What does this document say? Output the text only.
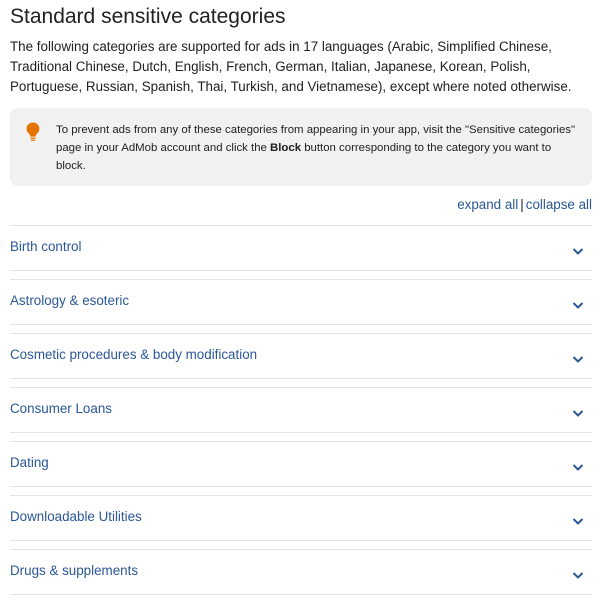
Standard sensitive categories

The following categories are supported for ads in 17 languages (Arabic, Simplified Chinese, Traditional Chinese, Dutch, English, French, German, Italian, Japanese, Korean, Polish, Portuguese, Russian, Spanish, Thai, Turkish, and Vietnamese), except where noted otherwise.

To prevent ads from any of these categories from appearing in your app, visit the "Sensitive categories" page in your AdMob account and click the Block button corresponding to the category you want to block.
expand all | collapse all
Birth control
Astrology & esoteric
Cosmetic procedures & body modification
Consumer Loans
Dating
Downloadable Utilities
Drugs & supplements
